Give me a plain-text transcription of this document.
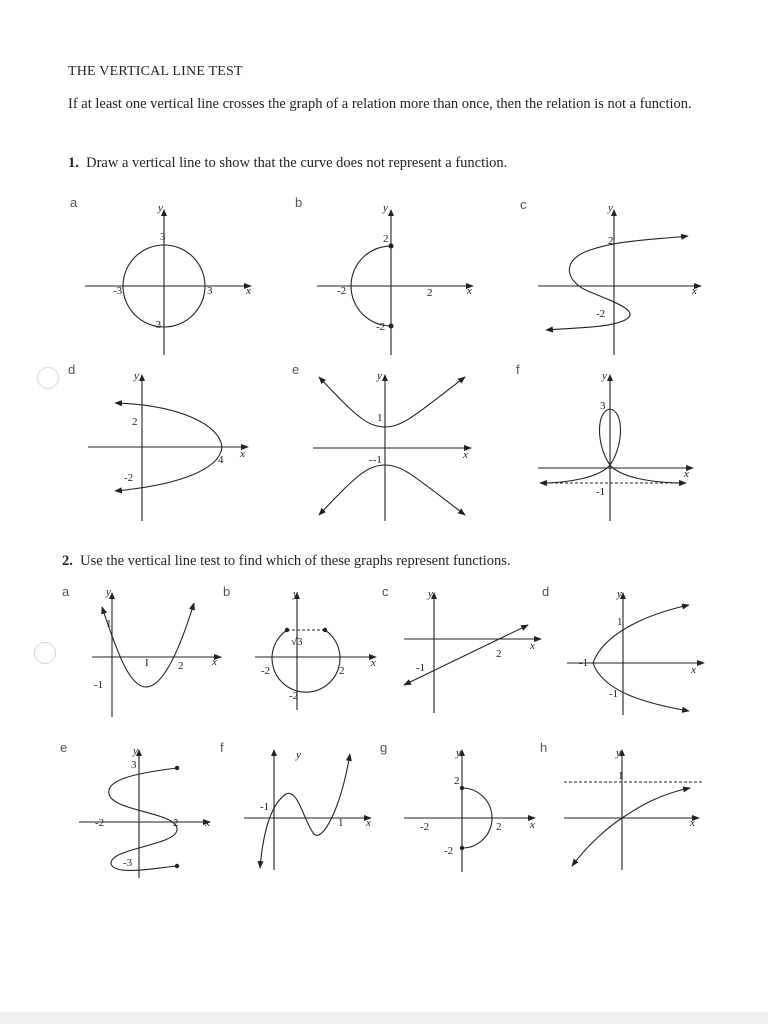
THE VERTICAL LINE TEST
If at least one vertical line crosses the graph of a relation more than once, then the relation is not a function.
1. Draw a vertical line to show that the curve does not represent a function.
2. Use the vertical line test to find which of these graphs represent functions.
a	b	c
d	e	f
a	b	c	d
e	f	g	h
y
x
3
3
-3
-3
y
x
2
2
-2
-2
y
x
2
-2
y
x
2
4
-2
y
x
1
--1
y
x
3
-1
y
x
1
I	2
-1
y
x
√3
-2	2
-2
y
x
-1
2
y
x
1
-1
-1
y
x
3
-2	2
-3
y
x
-1
1
y
x
2
-2	2
-2
y
x
1
